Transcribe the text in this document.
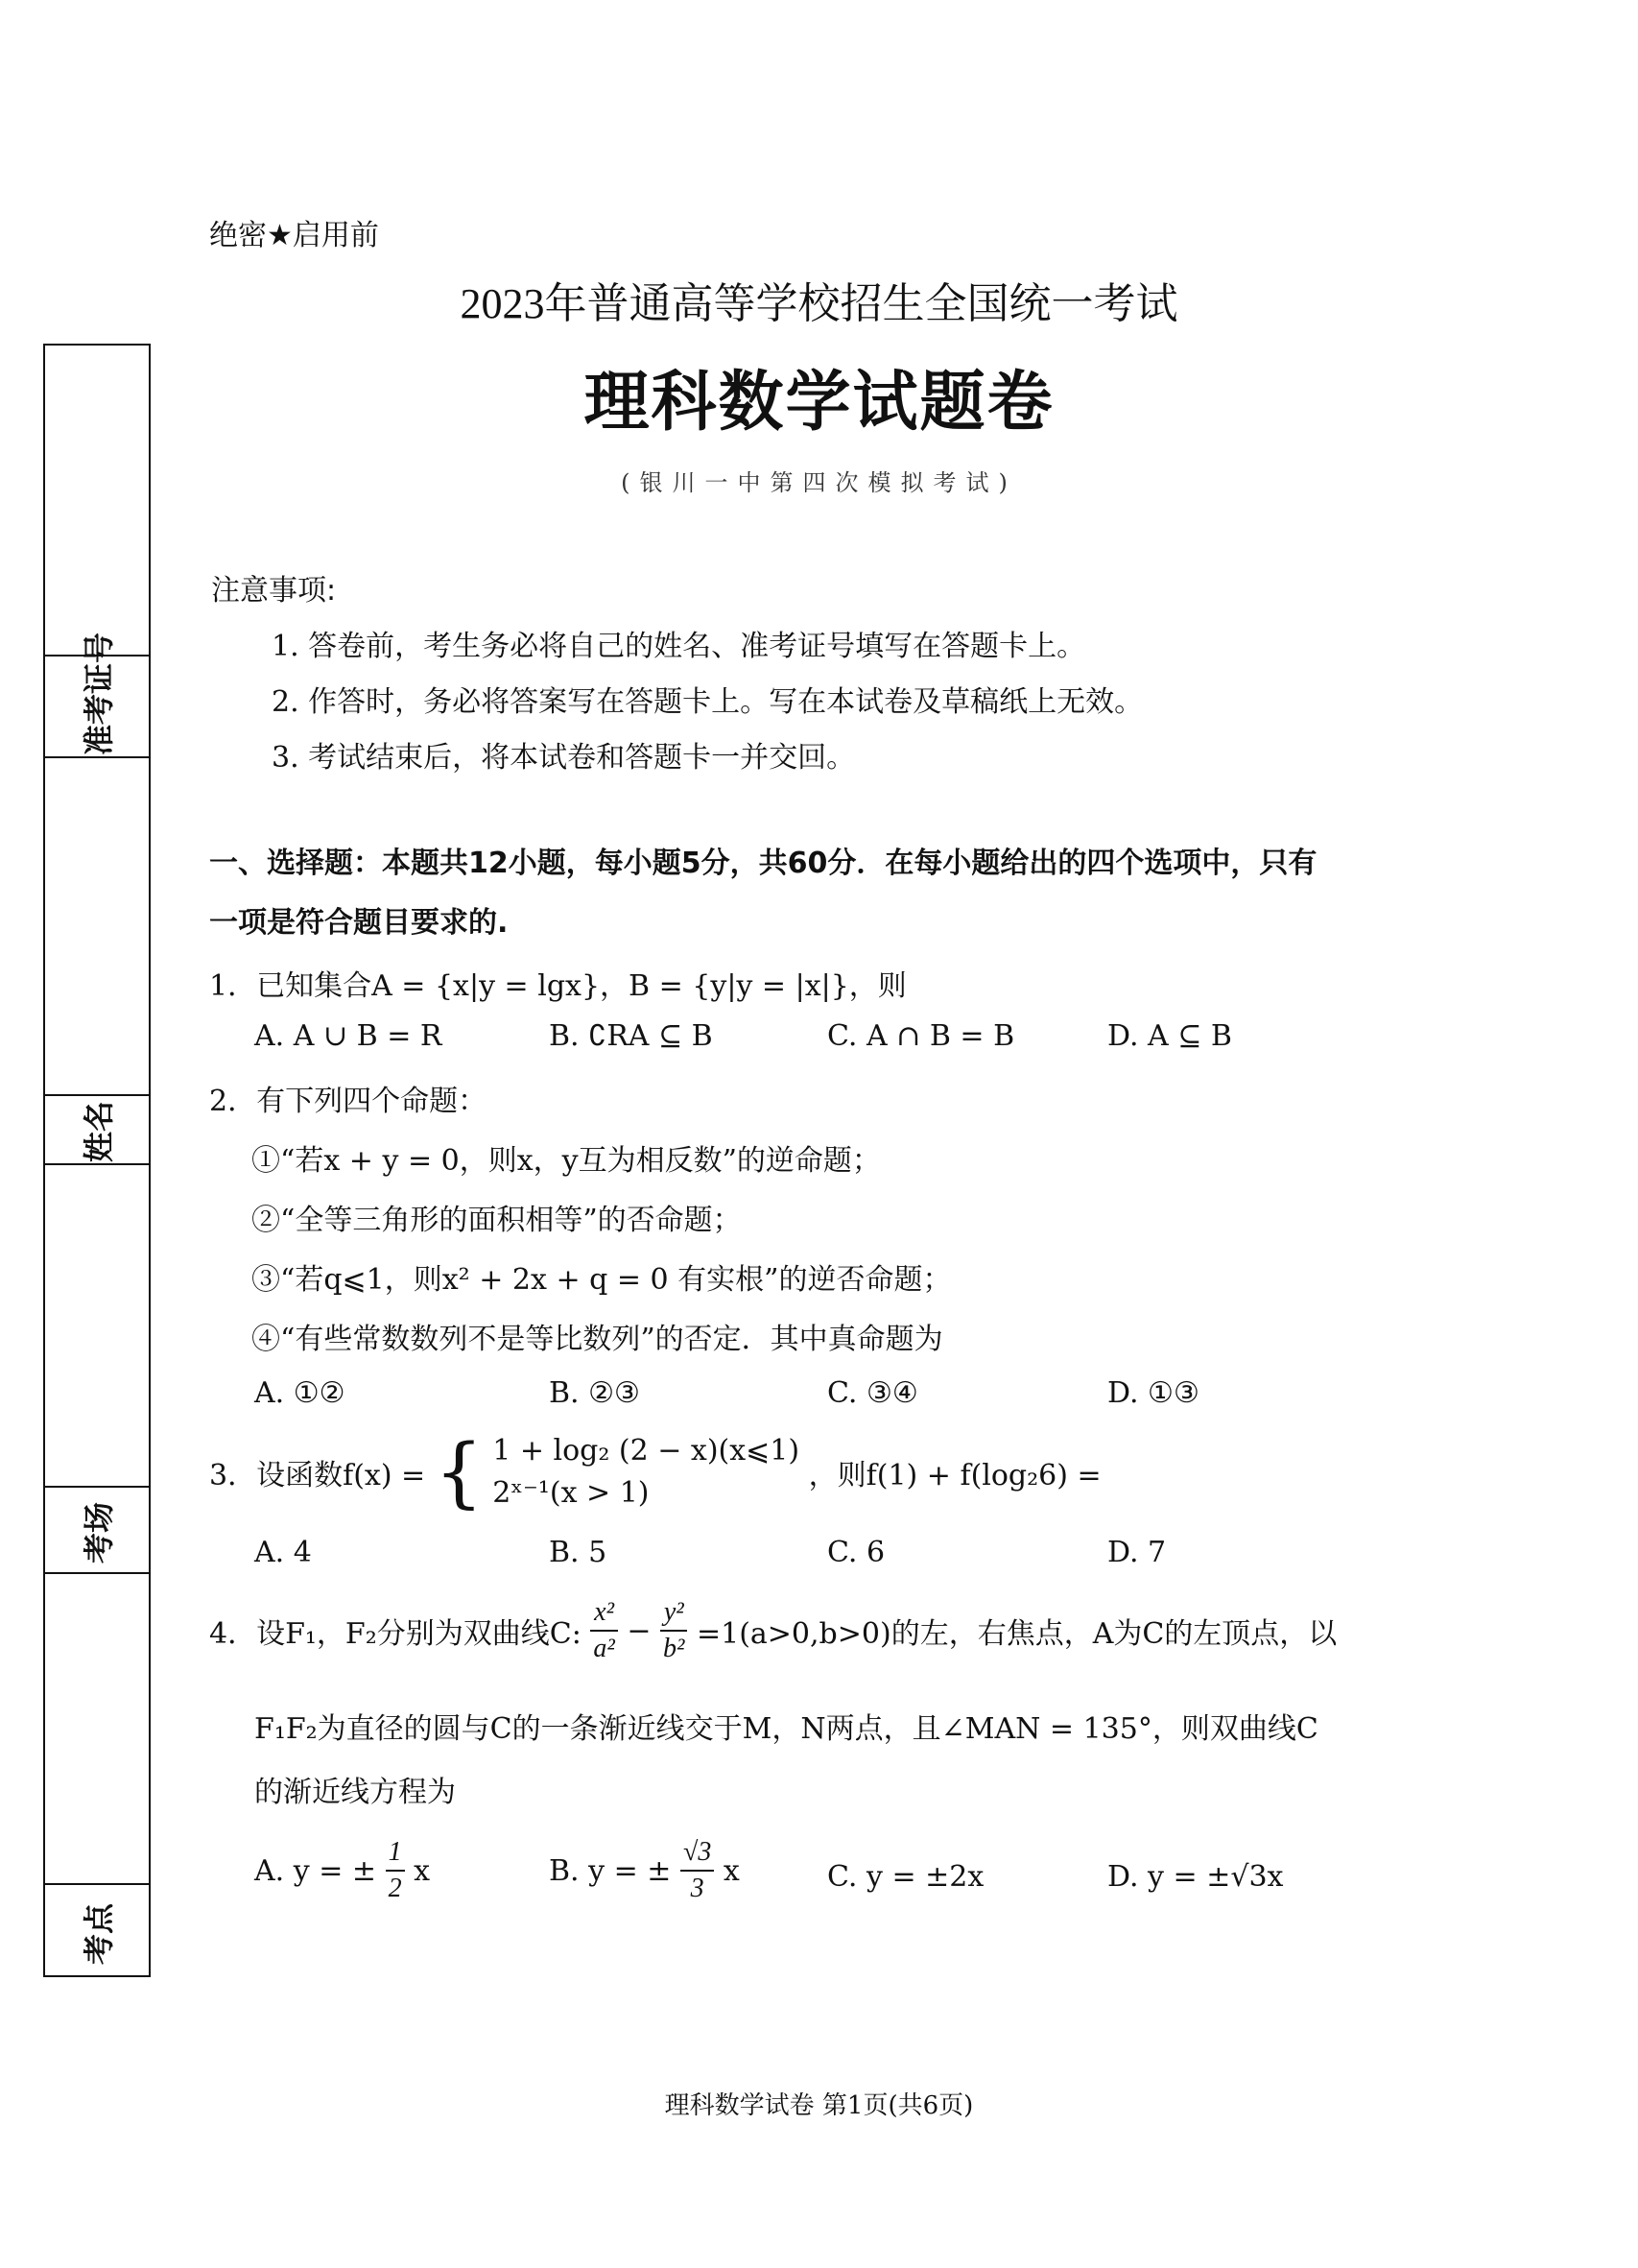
绝密★启用前
2023年普通高等学校招生全国统一考试
理科数学试题卷
(银川一中第四次模拟考试)
注意事项:
1. 答卷前，考生务必将自己的姓名、准考证号填写在答题卡上。
2. 作答时，务必将答案写在答题卡上。写在本试卷及草稿纸上无效。
3. 考试结束后，将本试卷和答题卡一并交回。
一、选择题：本题共12小题，每小题5分，共60分．在每小题给出的四个选项中，只有
一项是符合题目要求的.
1．已知集合A = {x|y = lgx}，B = {y|y = |x|}，则
A. A ∪ B = R	B. ∁RA ⊆ B	C. A ∩ B = B	D. A ⊆ B
2．有下列四个命题：
①“若x + y = 0，则x，y互为相反数”的逆命题；
②“全等三角形的面积相等”的否命题；
③“若q⩽1，则x² + 2x + q = 0 有实根”的逆否命题；
④“有些常数数列不是等比数列”的否定．其中真命题为
A. ①②	B. ②③	C. ③④	D. ①③
3．设函数f(x) = { 1 + log₂ (2 − x)(x⩽1)
2ˣ⁻¹(x > 1)
，则f(1) + f(log₂6) =
A. 4	B. 5	C. 6	D. 7
4．设F₁，F₂分别为双曲线C: $\frac{\text{x²}}{\text{a²}} - \frac{\text{y²}}{\text{b²}} =1(a>0,b>0)$的左，右焦点，A为C的左顶点，以
F₁F₂为直径的圆与C的一条渐近线交于M，N两点，且∠MAN = 135°，则双曲线C
的渐近线方程为
A. y = ± $\frac{1}{2}$ x	B. y = ± $\frac{√3}{3}$ x	C. y = ±2x	D. y = ±√3x
理科数学试卷 第1页(共6页)
准考证号
姓名
考场
考点
